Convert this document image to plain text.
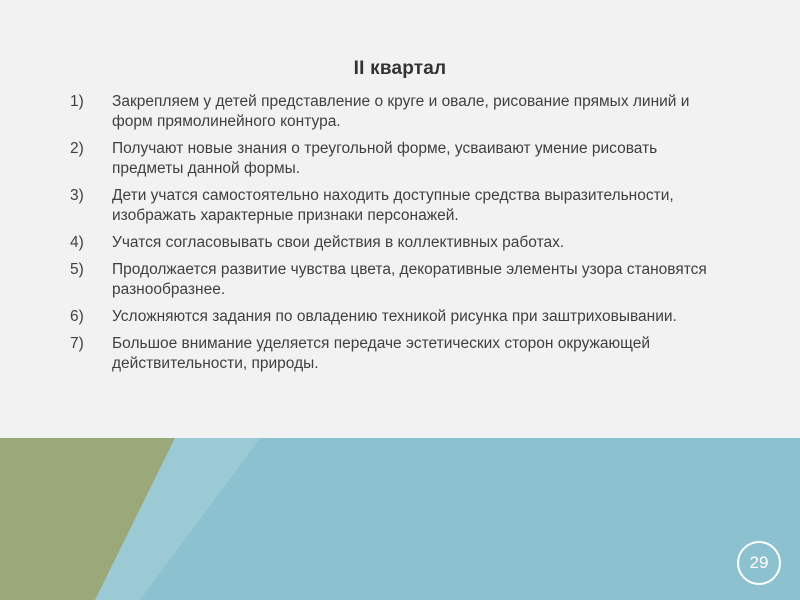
II квартал
1)	Закрепляем у детей представление о круге и овале, рисование прямых линий и форм прямолинейного контура.
2)	Получают новые знания о треугольной форме, усваивают умение рисовать предметы данной формы.
3)	Дети учатся самостоятельно находить доступные средства выразительности, изображать характерные признаки персонажей.
4)	Учатся согласовывать свои действия в коллективных работах.
5)	Продолжается развитие чувства цвета, декоративные элементы узора становятся разнообразнее.
6)	Усложняются задания по овладению техникой рисунка при заштриховывании.
7)	Большое внимание уделяется передаче эстетических сторон окружающей действительности, природы.
29
